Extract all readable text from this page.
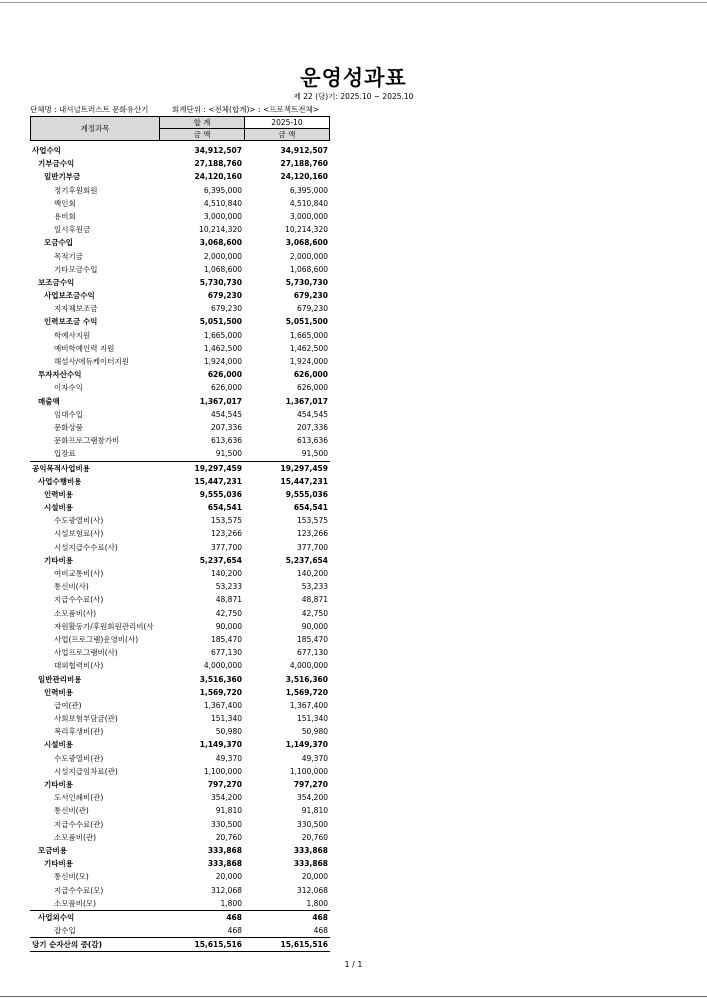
운영성과표
제 22 (당)기: 2025.10 ~ 2025.10
단체명 : 내셔널트러스트 문화유산기	회계단위 : <전체(합계)> : <프로젝트전체>
계정과목	합 계	2025-10
	금 액	금 액
사업수익	34,912,507	34,912,507
기부금수익	27,188,760	27,188,760
일반기부금	24,120,160	24,120,160
정기후원회원	6,395,000	6,395,000
백인회	4,510,840	4,510,840
용비회	3,000,000	3,000,000
일시후원금	10,214,320	10,214,320
모금수입	3,068,600	3,068,600
목적기금	2,000,000	2,000,000
기타모금수입	1,068,600	1,068,600
보조금수익	5,730,730	5,730,730
사업보조금수익	679,230	679,230
지자체보조금	679,230	679,230
인력보조금 수익	5,051,500	5,051,500
학예사지원	1,665,000	1,665,000
예비학예인력 지원	1,462,500	1,462,500
해설사/에듀케이터지원	1,924,000	1,924,000
투자자산수익	626,000	626,000
이자수익	626,000	626,000
매출액	1,367,017	1,367,017
임대수입	454,545	454,545
문화상품	207,336	207,336
문화프로그램참가비	613,636	613,636
입장료	91,500	91,500
공익목적사업비용	19,297,459	19,297,459
사업수행비용	15,447,231	15,447,231
인력비용	9,555,036	9,555,036
시설비용	654,541	654,541
수도광열비(사)	153,575	153,575
시설보험료(사)	123,266	123,266
시설지급수수료(사)	377,700	377,700
기타비용	5,237,654	5,237,654
여비교통비(사)	140,200	140,200
통신비(사)	53,233	53,233
지급수수료(사)	48,871	48,871
소모품비(사)	42,750	42,750
자원활동가/후원회원관리비(사	90,000	90,000
사업(프로그램)운영비(사)	185,470	185,470
사업프로그램비(사)	677,130	677,130
대외협력비(사)	4,000,000	4,000,000
일반관리비용	3,516,360	3,516,360
인력비용	1,569,720	1,569,720
급여(관)	1,367,400	1,367,400
사회보험부담금(관)	151,340	151,340
복리후생비(관)	50,980	50,980
시설비용	1,149,370	1,149,370
수도광열비(관)	49,370	49,370
시설지급임차료(관)	1,100,000	1,100,000
기타비용	797,270	797,270
도서인쇄비(관)	354,200	354,200
통신비(관)	91,810	91,810
지급수수료(관)	330,500	330,500
소모품비(관)	20,760	20,760
모금비용	333,868	333,868
기타비용	333,868	333,868
통신비(모)	20,000	20,000
지급수수료(모)	312,068	312,068
소모품비(모)	1,800	1,800
사업외수익	468	468
잡수입	468	468
당기 순자산의 증(감)	15,615,516	15,615,516
1 / 1
